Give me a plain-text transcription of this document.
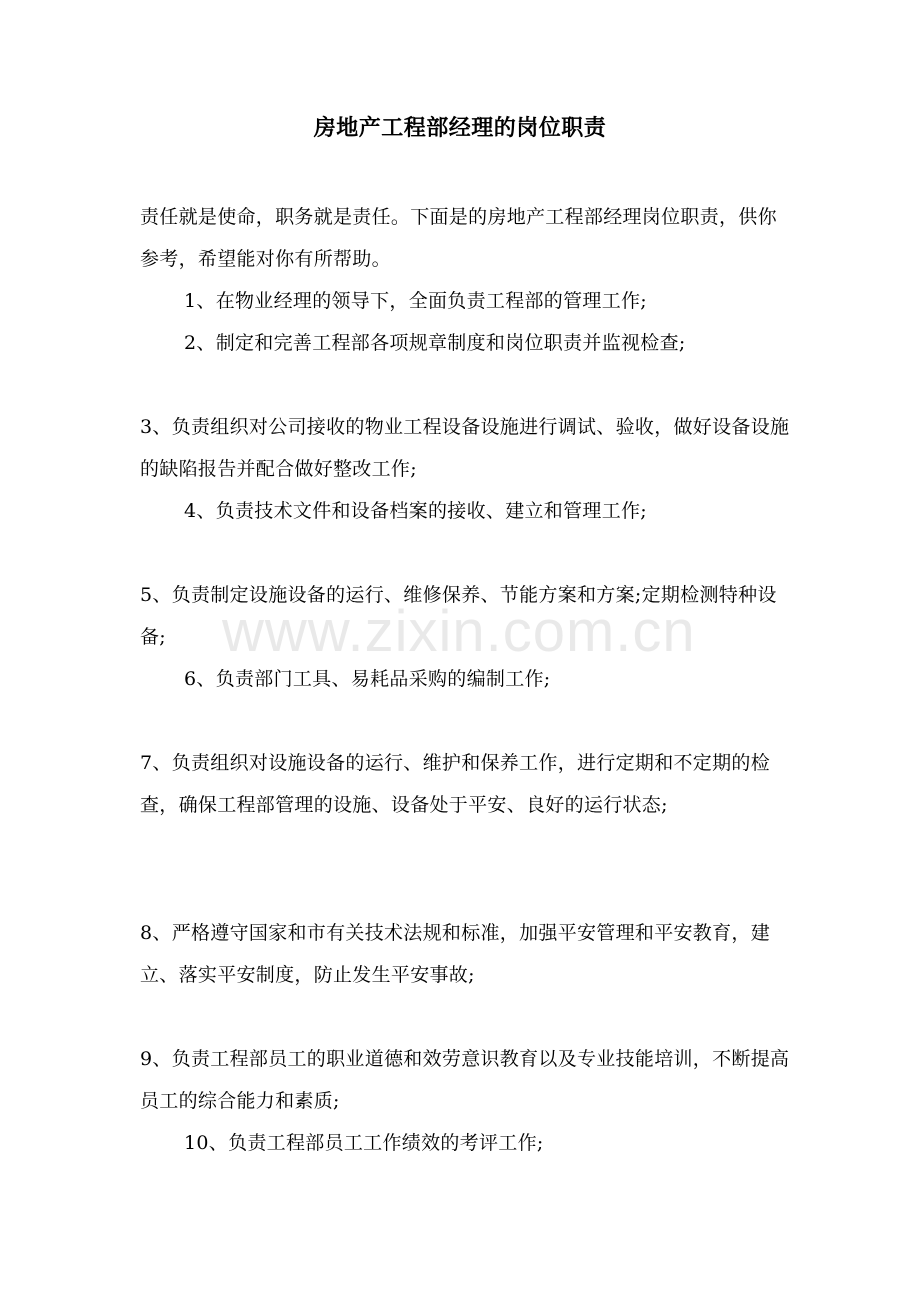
房地产工程部经理的岗位职责

责任就是使命，职务就是责任。下面是的房地产工程部经理岗位职责，供你参考，希望能对你有所帮助。

1、在物业经理的领导下，全面负责工程部的管理工作;

2、制定和完善工程部各项规章制度和岗位职责并监视检查;

3、负责组织对公司接收的物业工程设备设施进行调试、验收，做好设备设施的缺陷报告并配合做好整改工作;

4、负责技术文件和设备档案的接收、建立和管理工作;

5、负责制定设施设备的运行、维修保养、节能方案和方案;定期检测特种设备;

6、负责部门工具、易耗品采购的编制工作;

7、负责组织对设施设备的运行、维护和保养工作，进行定期和不定期的检查，确保工程部管理的设施、设备处于平安、良好的运行状态;

8、严格遵守国家和市有关技术法规和标准，加强平安管理和平安教育，建立、落实平安制度，防止发生平安事故;

9、负责工程部员工的职业道德和效劳意识教育以及专业技能培训，不断提高员工的综合能力和素质;

10、负责工程部员工工作绩效的考评工作;

www.zixin.com.cn
